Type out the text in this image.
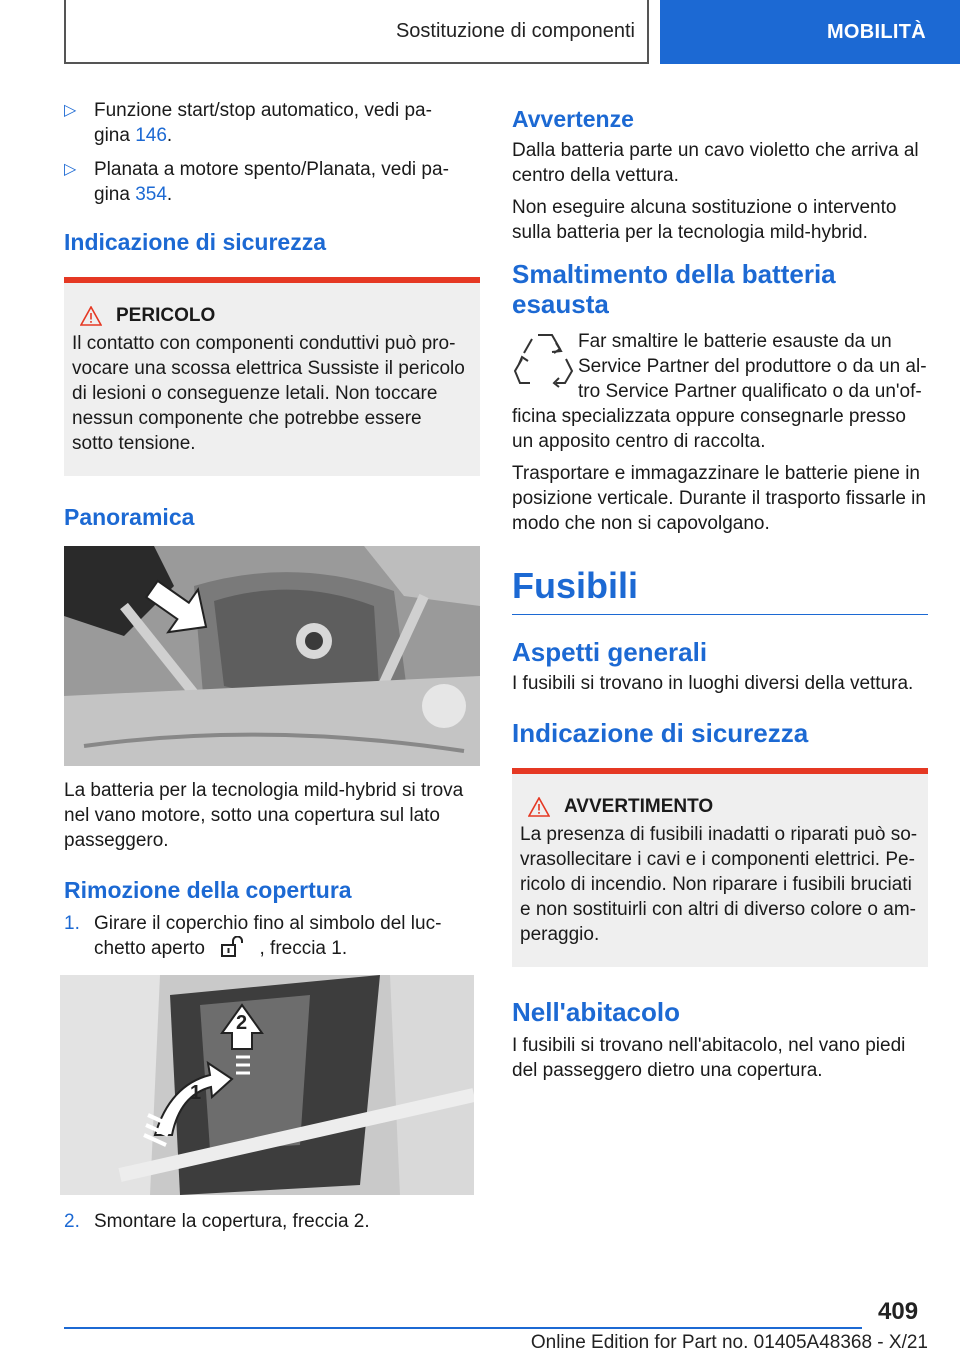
Sostituzione di componenti	MOBILITÀ
▷ Funzione start/stop automatico, vedi pa-
gina 146.
▷ Planata a motore spento/Planata, vedi pa-
gina 354.
Indicazione di sicurezza
PERICOLO

Il contatto con componenti conduttivi può pro-
vocare una scossa elettrica Sussiste il pericolo
di lesioni o conseguenze letali. Non toccare
nessun componente che potrebbe essere
sotto tensione.

Panoramica

La batteria per la tecnologia mild-hybrid si trova
nel vano motore, sotto una copertura sul lato
passeggero.

Rimozione della copertura
1. Girare il coperchio fino al simbolo del luc-
chetto aperto	, freccia 1.
2
1
2. Smontare la copertura, freccia 2.
Avvertenze

Dalla batteria parte un cavo violetto che arriva al
centro della vettura.

Non eseguire alcuna sostituzione o intervento
sulla batteria per la tecnologia mild-hybrid.

Smaltimento della batteria
esausta

Far smaltire le batterie esauste da un
Service Partner del produttore o da un al-
tro Service Partner qualificato o da un'of-

ficina specializzata oppure consegnarle presso
un apposito centro di raccolta.

Trasportare e immagazzinare le batterie piene in
posizione verticale. Durante il trasporto fissarle in
modo che non si capovolgano.

Fusibili
Aspetti generali

I fusibili si trovano in luoghi diversi della vettura.

Indicazione di sicurezza
AVVERTIMENTO

La presenza di fusibili inadatti o riparati può so-
vrasollecitare i cavi e i componenti elettrici. Pe-
ricolo di incendio. Non riparare i fusibili bruciati
e non sostituirli con altri di diverso colore o am-
peraggio.

Nell'abitacolo

I fusibili si trovano nell'abitacolo, nel vano piedi
del passeggero dietro una copertura.

409
Online Edition for Part no. 01405A48368 - X/21
